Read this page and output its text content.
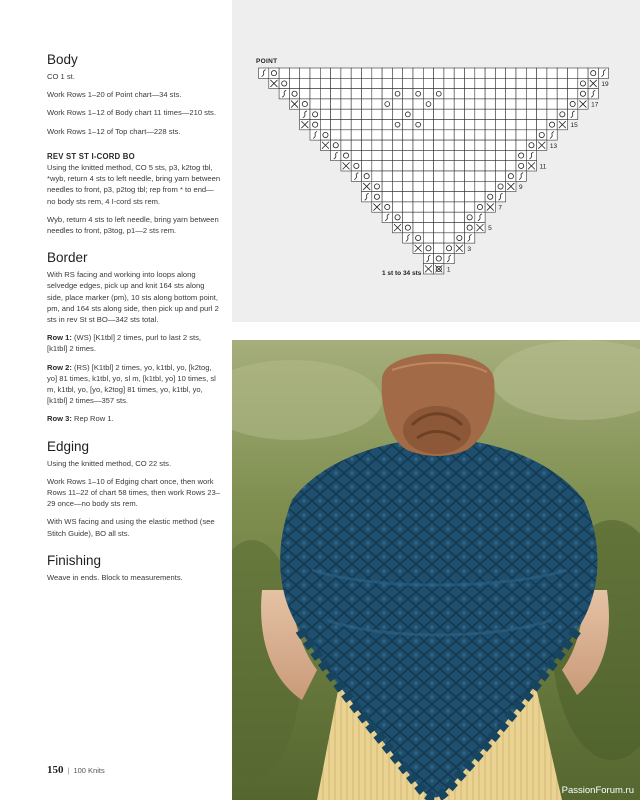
Body

CO 1 st.

Work Rows 1–20 of Point chart—34 sts.

Work Rows 1–12 of Body chart 11 times—210 sts.

Work Rows 1–12 of Top chart—228 sts.

REV ST ST I-CORD BO

Using the knitted method, CO 5 sts, p3, k2tog tbl, *wyb, return 4 sts to left needle, bring yarn between needles to front, p3, p2tog tbl; rep from * to end—no body sts rem, 4 I-cord sts rem.

Wyb, return 4 sts to left needle, bring yarn between needles to front, p3tog, p1—2 sts rem.

Border

With RS facing and working into loops along selvedge edges, pick up and knit 164 sts along side, place marker (pm), 10 sts along bottom point, pm, and 164 sts along side, then pick up and purl 2 sts in rev St st BO—342 sts total.

Row 1: (WS) [K1tbl] 2 times, purl to last 2 sts, [k1tbl] 2 times.

Row 2: (RS) [K1tbl] 2 times, yo, k1tbl, yo, [k2tog, yo] 81 times, k1tbl, yo, sl m, [k1tbl, yo] 10 times, sl m, k1tbl, yo, [yo, k2tog] 81 times, yo, k1tbl, yo, [k1tbl] 2 times—357 sts.

Row 3: Rep Row 1.

Edging

Using the knitted method, CO 22 sts.

Work Rows 1–10 of Edging chart once, then work Rows 11–22 of chart 58 times, then work Rows 23–29 once—no body sts rem.

With WS facing and using the elastic method (see Stitch Guide), BO all sts.

Finishing

Weave in ends. Block to measurements.

POINT
1
3
5
7
9
11
13
15
17
19
1 st to 34 sts
PassionForum.ru
150 | 100 Knits
